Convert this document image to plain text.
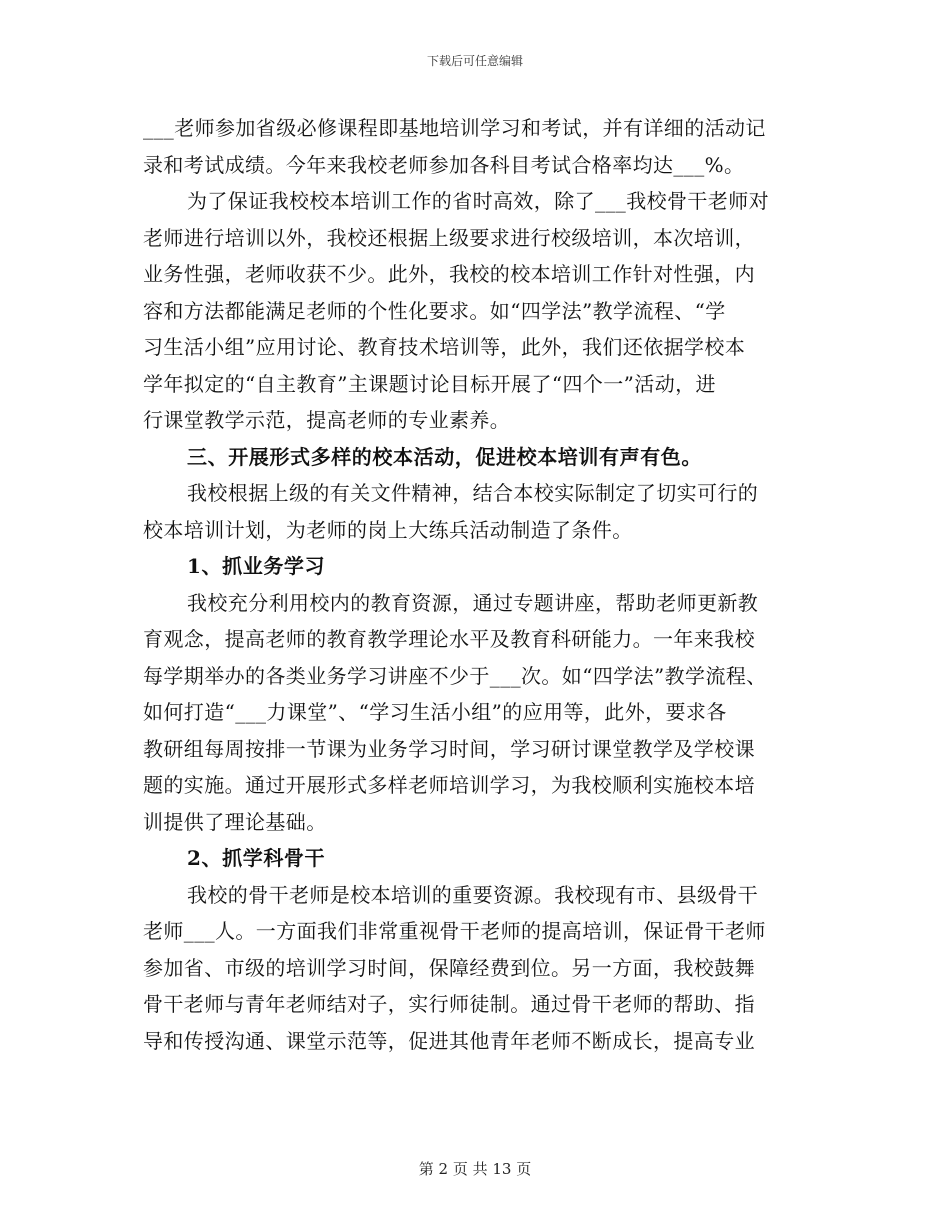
下载后可任意编辑
___老师参加省级必修课程即基地培训学习和考试，并有详细的活动记
录和考试成绩。今年来我校老师参加各科目考试合格率均达___%。
为了保证我校校本培训工作的省时高效，除了___我校骨干老师对
老师进行培训以外，我校还根据上级要求进行校级培训，本次培训，
业务性强，老师收获不少。此外，我校的校本培训工作针对性强，内
容和方法都能满足老师的个性化要求。如“四学法”教学流程、“学
习生活小组”应用讨论、教育技术培训等，此外，我们还依据学校本
学年拟定的“自主教育”主课题讨论目标开展了“四个一”活动，进
行课堂教学示范，提高老师的专业素养。
三、开展形式多样的校本活动，促进校本培训有声有色。
我校根据上级的有关文件精神，结合本校实际制定了切实可行的
校本培训计划，为老师的岗上大练兵活动制造了条件。
1、抓业务学习
我校充分利用校内的教育资源，通过专题讲座，帮助老师更新教
育观念，提高老师的教育教学理论水平及教育科研能力。一年来我校
每学期举办的各类业务学习讲座不少于___次。如“四学法”教学流程、
如何打造“___力课堂”、“学习生活小组”的应用等，此外，要求各
教研组每周按排一节课为业务学习时间，学习研讨课堂教学及学校课
题的实施。通过开展形式多样老师培训学习，为我校顺利实施校本培
训提供了理论基础。
2、抓学科骨干
我校的骨干老师是校本培训的重要资源。我校现有市、县级骨干
老师___人。一方面我们非常重视骨干老师的提高培训，保证骨干老师
参加省、市级的培训学习时间，保障经费到位。另一方面，我校鼓舞
骨干老师与青年老师结对子，实行师徒制。通过骨干老师的帮助、指
导和传授沟通、课堂示范等，促进其他青年老师不断成长，提高专业
第 2 页 共 13 页
